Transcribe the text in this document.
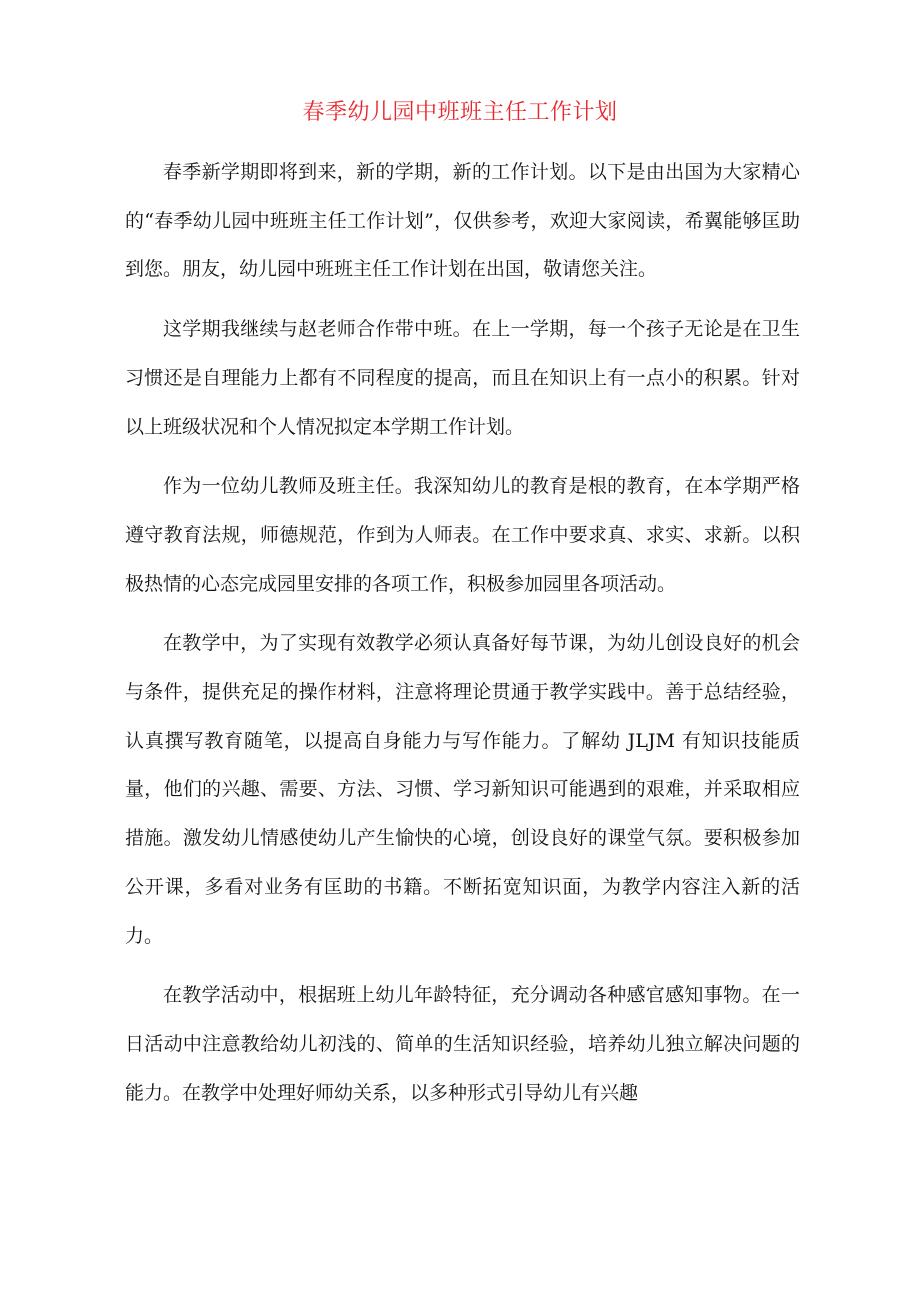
春季幼儿园中班班主任工作计划

春季新学期即将到来，新的学期，新的工作计划。以下是由出国为大家精心的“春季幼儿园中班班主任工作计划”，仅供参考，欢迎大家阅读，希翼能够匡助到您。朋友，幼儿园中班班主任工作计划在出国，敬请您关注。

这学期我继续与赵老师合作带中班。在上一学期，每一个孩子无论是在卫生习惯还是自理能力上都有不同程度的提高，而且在知识上有一点小的积累。针对以上班级状况和个人情况拟定本学期工作计划。

作为一位幼儿教师及班主任。我深知幼儿的教育是根的教育，在本学期严格遵守教育法规，师德规范，作到为人师表。在工作中要求真、求实、求新。以积极热情的心态完成园里安排的各项工作，积极参加园里各项活动。

在教学中，为了实现有效教学必须认真备好每节课，为幼儿创设良好的机会与条件，提供充足的操作材料，注意将理论贯通于教学实践中。善于总结经验，认真撰写教育随笔，以提高自身能力与写作能力。了解幼 JLJM 有知识技能质量，他们的兴趣、需要、方法、习惯、学习新知识可能遇到的艰难，并采取相应措施。激发幼儿情感使幼儿产生愉快的心境，创设良好的课堂气氛。要积极参加公开课，多看对业务有匡助的书籍。不断拓宽知识面，为教学内容注入新的活力。

在教学活动中，根据班上幼儿年龄特征，充分调动各种感官感知事物。在一日活动中注意教给幼儿初浅的、简单的生活知识经验，培养幼儿独立解决问题的能力。在教学中处理好师幼关系，以多种形式引导幼儿有兴趣
